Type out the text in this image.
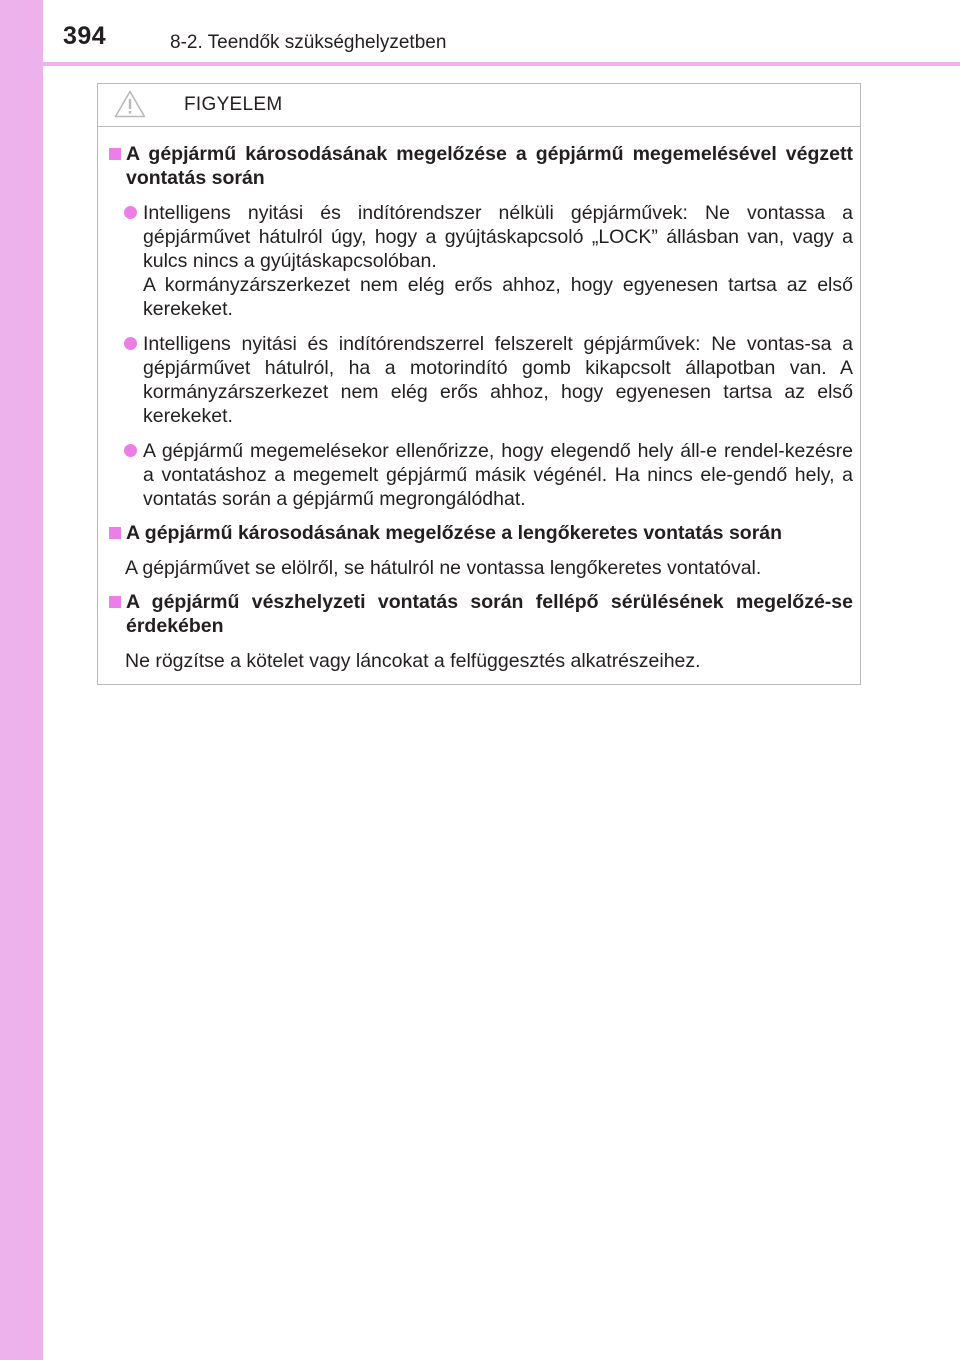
394	8-2. Teendők szükséghelyzetben
FIGYELEM
A gépjármű károsodásának megelőzése a gépjármű megemelésével végzett vontatás során
Intelligens nyitási és indítórendszer nélküli gépjárművek: Ne vontassa a gépjárművet hátulról úgy, hogy a gyújtáskapcsoló „LOCK” állásban van, vagy a kulcs nincs a gyújtáskapcsolóban.
A kormányzárszerkezet nem elég erős ahhoz, hogy egyenesen tartsa az első kerekeket.
Intelligens nyitási és indítórendszerrel felszerelt gépjárművek: Ne vontas-sa a gépjárművet hátulról, ha a motorindító gomb kikapcsolt állapotban van. A kormányzárszerkezet nem elég erős ahhoz, hogy egyenesen tartsa az első kerekeket.
A gépjármű megemelésekor ellenőrizze, hogy elegendő hely áll-e rendel-kezésre a vontatáshoz a megemelt gépjármű másik végénél. Ha nincs ele-gendő hely, a vontatás során a gépjármű megrongálódhat.
A gépjármű károsodásának megelőzése a lengőkeretes vontatás során
A gépjárművet se elölről, se hátulról ne vontassa lengőkeretes vontatóval.
A gépjármű vészhelyzeti vontatás során fellépő sérülésének megelőzé-se érdekében
Ne rögzítse a kötelet vagy láncokat a felfüggesztés alkatrészeihez.
